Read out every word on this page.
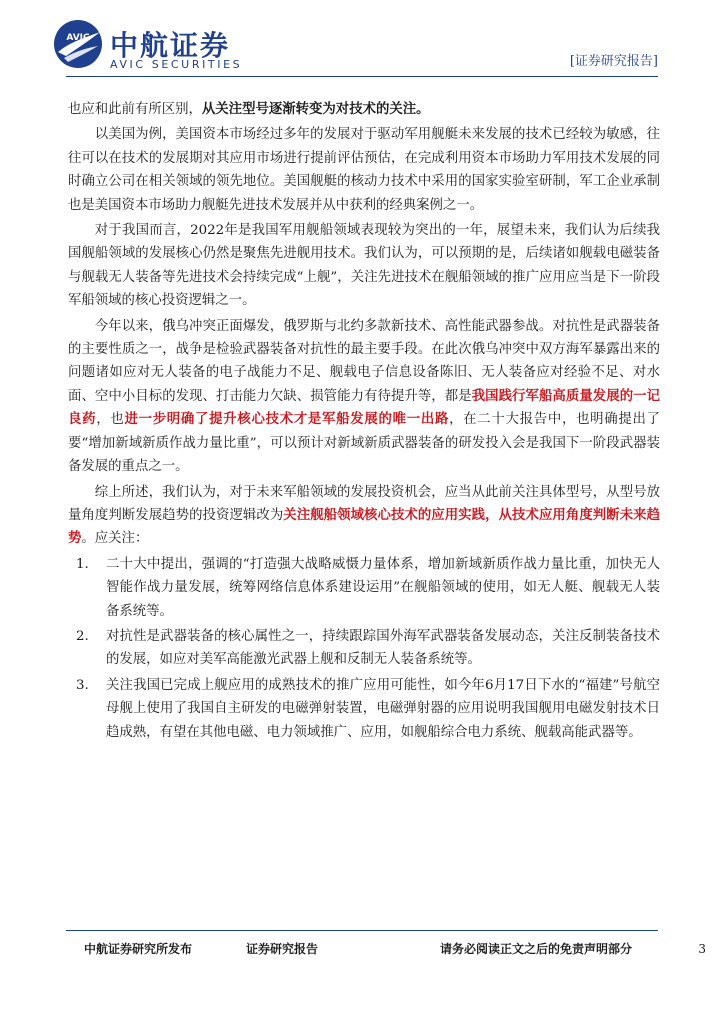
AVIC 中航证券
AVIC SECURITIES	[证券研究报告]

也应和此前有所区别，从关注型号逐渐转变为对技术的关注。

以美国为例，美国资本市场经过多年的发展对于驱动军用舰艇未来发展的技术已经较为敏感，往往可以在技术的发展期对其应用市场进行提前评估预估，在完成利用资本市场助力军用技术发展的同时确立公司在相关领域的领先地位。美国舰艇的核动力技术中采用的国家实验室研制，军工企业承制也是美国资本市场助力舰艇先进技术发展并从中获利的经典案例之一。

对于我国而言，2022年是我国军用舰船领域表现较为突出的一年，展望未来，我们认为后续我国舰船领域的发展核心仍然是聚焦先进舰用技术。我们认为，可以预期的是，后续诸如舰载电磁装备与舰载无人装备等先进技术会持续完成“上舰”，关注先进技术在舰船领域的推广应用应当是下一阶段军船领域的核心投资逻辑之一。

今年以来，俄乌冲突正面爆发，俄罗斯与北约多款新技术、高性能武器参战。对抗性是武器装备的主要性质之一，战争是检验武器装备对抗性的最主要手段。在此次俄乌冲突中双方海军暴露出来的问题诸如应对无人装备的电子战能力不足、舰载电子信息设备陈旧、无人装备应对经验不足、对水面、空中小目标的发现、打击能力欠缺、损管能力有待提升等，都是我国践行军船高质量发展的一记良药，也进一步明确了提升核心技术才是军船发展的唯一出路，在二十大报告中，也明确提出了要“增加新域新质作战力量比重”，可以预计对新域新质武器装备的研发投入会是我国下一阶段武器装备发展的重点之一。

综上所述，我们认为，对于未来军船领域的发展投资机会，应当从此前关注具体型号，从型号放量角度判断发展趋势的投资逻辑改为关注舰船领域核心技术的应用实践，从技术应用角度判断未来趋势。应关注：

1. 二十大中提出，强调的“打造强大战略威慑力量体系，增加新域新质作战力量比重，加快无人智能作战力量发展，统筹网络信息体系建设运用”在舰船领域的使用，如无人艇、舰载无人装备系统等。
2. 对抗性是武器装备的核心属性之一，持续跟踪国外海军武器装备发展动态，关注反制装备技术的发展，如应对美军高能激光武器上舰和反制无人装备系统等。
3. 关注我国已完成上舰应用的成熟技术的推广应用可能性，如今年6月17日下水的“福建”号航空母舰上使用了我国自主研发的电磁弹射装置，电磁弹射器的应用说明我国舰用电磁发射技术日趋成熟，有望在其他电磁、电力领域推广、应用，如舰船综合电力系统、舰载高能武器等。
中航证券研究所发布	证券研究报告	请务必阅读正文之后的免责声明部分	3
